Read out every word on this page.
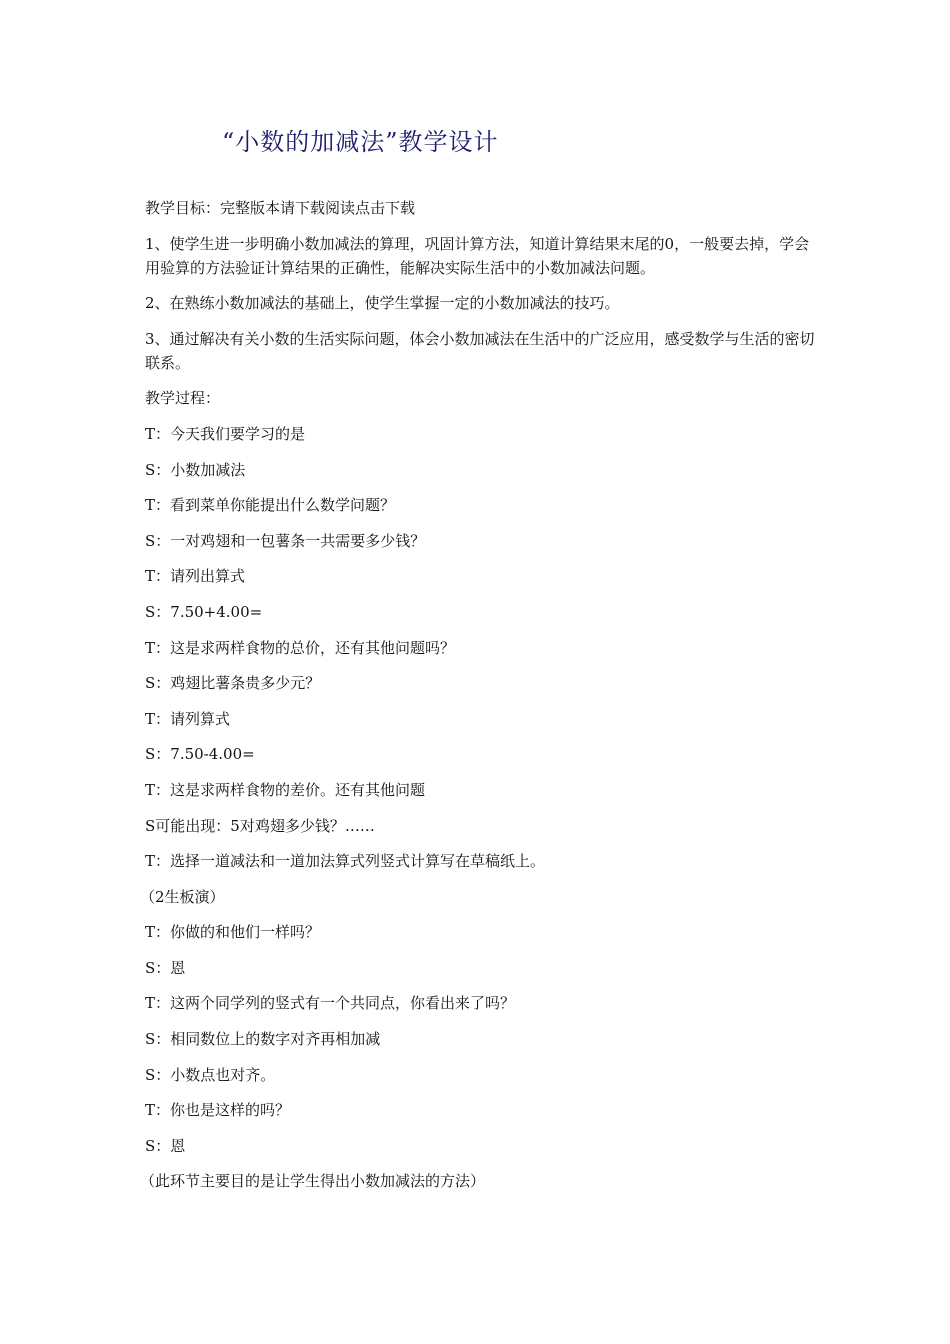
“小数的加减法”教学设计

教学目标：完整版本请下载阅读点击下载

1、使学生进一步明确小数加减法的算理，巩固计算方法，知道计算结果末尾的0，一般要去掉，学会用验算的方法验证计算结果的正确性，能解决实际生活中的小数加减法问题。

2、在熟练小数加减法的基础上，使学生掌握一定的小数加减法的技巧。

3、通过解决有关小数的生活实际问题，体会小数加减法在生活中的广泛应用，感受数学与生活的密切联系。

教学过程：

T：今天我们要学习的是

S：小数加减法

T：看到菜单你能提出什么数学问题？

S：一对鸡翅和一包薯条一共需要多少钱？

T：请列出算式

S：7.50+4.00=

T：这是求两样食物的总价，还有其他问题吗？

S：鸡翅比薯条贵多少元？

T：请列算式

S：7.50-4.00=

T：这是求两样食物的差价。还有其他问题

S可能出现：5对鸡翅多少钱？……

T：选择一道减法和一道加法算式列竖式计算写在草稿纸上。

（2生板演）

T：你做的和他们一样吗？

S：恩

T：这两个同学列的竖式有一个共同点，你看出来了吗？

S：相同数位上的数字对齐再相加减

S：小数点也对齐。

T：你也是这样的吗？

S：恩

（此环节主要目的是让学生得出小数加减法的方法）
